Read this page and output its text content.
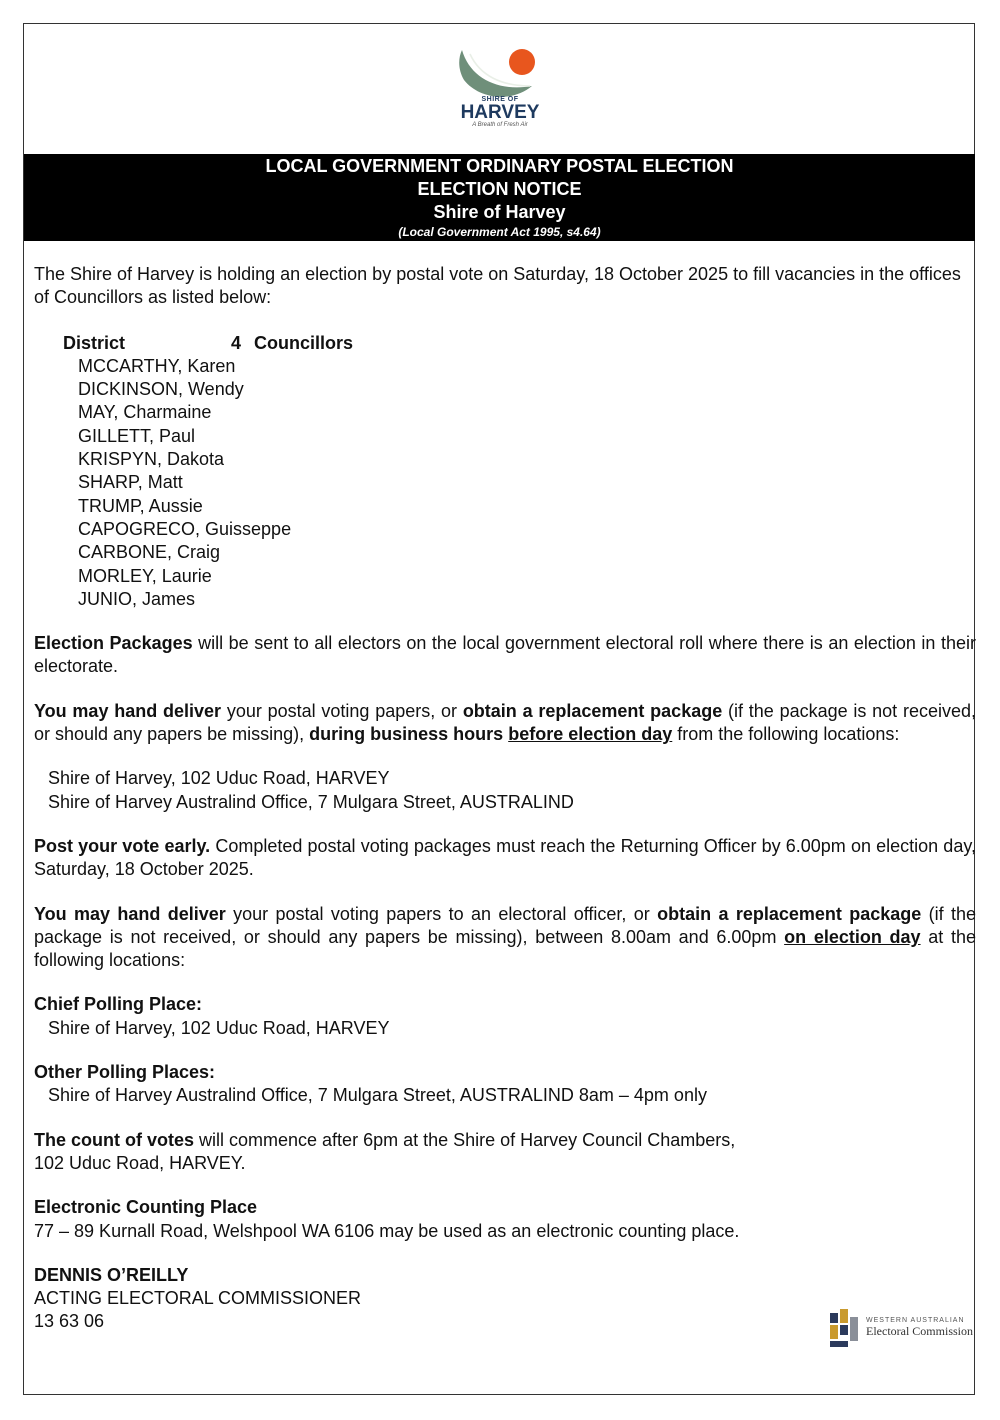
SHIRE OF
HARVEY
A Breath of Fresh Air
LOCAL GOVERNMENT ORDINARY POSTAL ELECTION
ELECTION NOTICE
Shire of Harvey
(Local Government Act 1995, s4.64)

The Shire of Harvey is holding an election by postal vote on Saturday, 18 October 2025 to fill vacancies in the offices of Councillors as listed below:

District	4 Councillors
MCCARTHY, Karen
DICKINSON, Wendy
MAY, Charmaine
GILLETT, Paul
KRISPYN, Dakota
SHARP, Matt
TRUMP, Aussie
CAPOGRECO, Guisseppe
CARBONE, Craig
MORLEY, Laurie
JUNIO, James

Election Packages will be sent to all electors on the local government electoral roll where there is an election in their electorate.

You may hand deliver your postal voting papers, or obtain a replacement package (if the package is not received, or should any papers be missing), during business hours before election day from the following locations:

Shire of Harvey, 102 Uduc Road, HARVEY

Shire of Harvey Australind Office, 7 Mulgara Street, AUSTRALIND

Post your vote early. Completed postal voting packages must reach the Returning Officer by 6.00pm on election day, Saturday, 18 October 2025.

You may hand deliver your postal voting papers to an electoral officer, or obtain a replacement package (if the package is not received, or should any papers be missing), between 8.00am and 6.00pm on election day at the following locations:

Chief Polling Place:

Shire of Harvey, 102 Uduc Road, HARVEY

Other Polling Places:

Shire of Harvey Australind Office, 7 Mulgara Street, AUSTRALIND 8am – 4pm only

The count of votes will commence after 6pm at the Shire of Harvey Council Chambers,

102 Uduc Road, HARVEY.

Electronic Counting Place

77 – 89 Kurnall Road, Welshpool WA 6106 may be used as an electronic counting place.

DENNIS O’REILLY

ACTING ELECTORAL COMMISSIONER

13 63 06	WESTERN AUSTRALIAN
Electoral Commission
